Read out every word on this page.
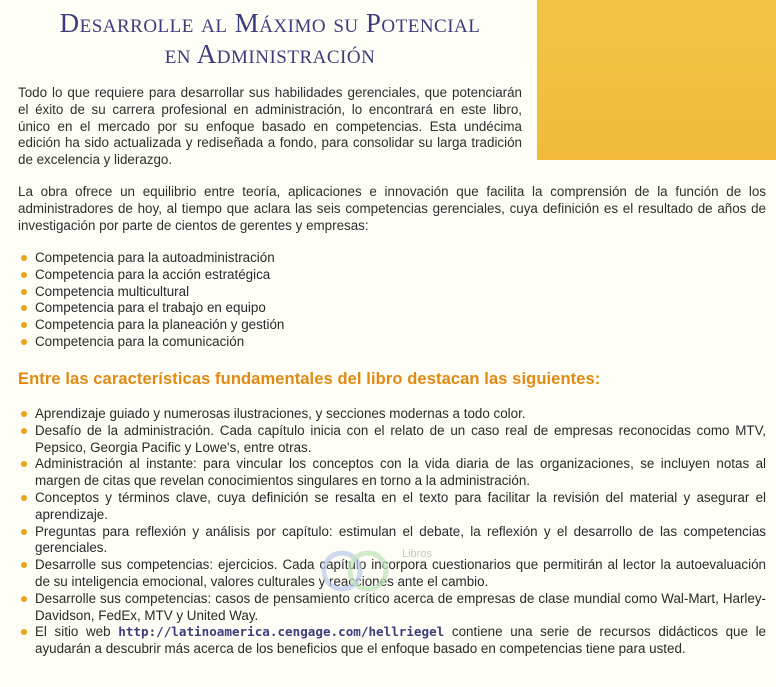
Desarrolle al Máximo su Potencial
en Administración

Todo lo que requiere para desarrollar sus habilidades gerenciales, que potenciarán el éxito de su carrera profesional en administración, lo encontrará en este libro, único en el mercado por su enfoque basado en competencias. Esta undécima edición ha sido actualizada y rediseñada a fondo, para consolidar su larga tradición de excelencia y liderazgo.

La obra ofrece un equilibrio entre teoría, aplicaciones e innovación que facilita la comprensión de la función de los administradores de hoy, al tiempo que aclara las seis competencias gerenciales, cuya definición es el resultado de años de investigación por parte de cientos de gerentes y empresas:

Competencia para la autoadministración
Competencia para la acción estratégica
Competencia multicultural
Competencia para el trabajo en equipo
Competencia para la planeación y gestión
Competencia para la comunicación
Entre las características fundamentales del libro destacan las siguientes:
Aprendizaje guiado y numerosas ilustraciones, y secciones modernas a todo color.
Desafío de la administración. Cada capítulo inicia con el relato de un caso real de empresas reconocidas como MTV, Pepsico, Georgia Pacific y Lowe's, entre otras.
Administración al instante: para vincular los conceptos con la vida diaria de las organizaciones, se incluyen notas al margen de citas que revelan conocimientos singulares en torno a la administración.
Conceptos y términos clave, cuya definición se resalta en el texto para facilitar la revisión del material y asegurar el aprendizaje.
Preguntas para reflexión y análisis por capítulo: estimulan el debate, la reflexión y el desarrollo de las competencias gerenciales.
Desarrolle sus competencias: ejercicios. Cada capítulo incorpora cuestionarios que permitirán al lector la autoevaluación de su inteligencia emocional, valores culturales y reacciones ante el cambio.
Desarrolle sus competencias: casos de pensamiento crítico acerca de empresas de clase mundial como Wal-Mart, Harley-Davidson, FedEx, MTV y United Way.
El sitio web http://latinoamerica.cengage.com/hellriegel contiene una serie de recursos didácticos que le ayudarán a descubrir más acerca de los beneficios que el enfoque basado en competencias tiene para usted.
Libros
